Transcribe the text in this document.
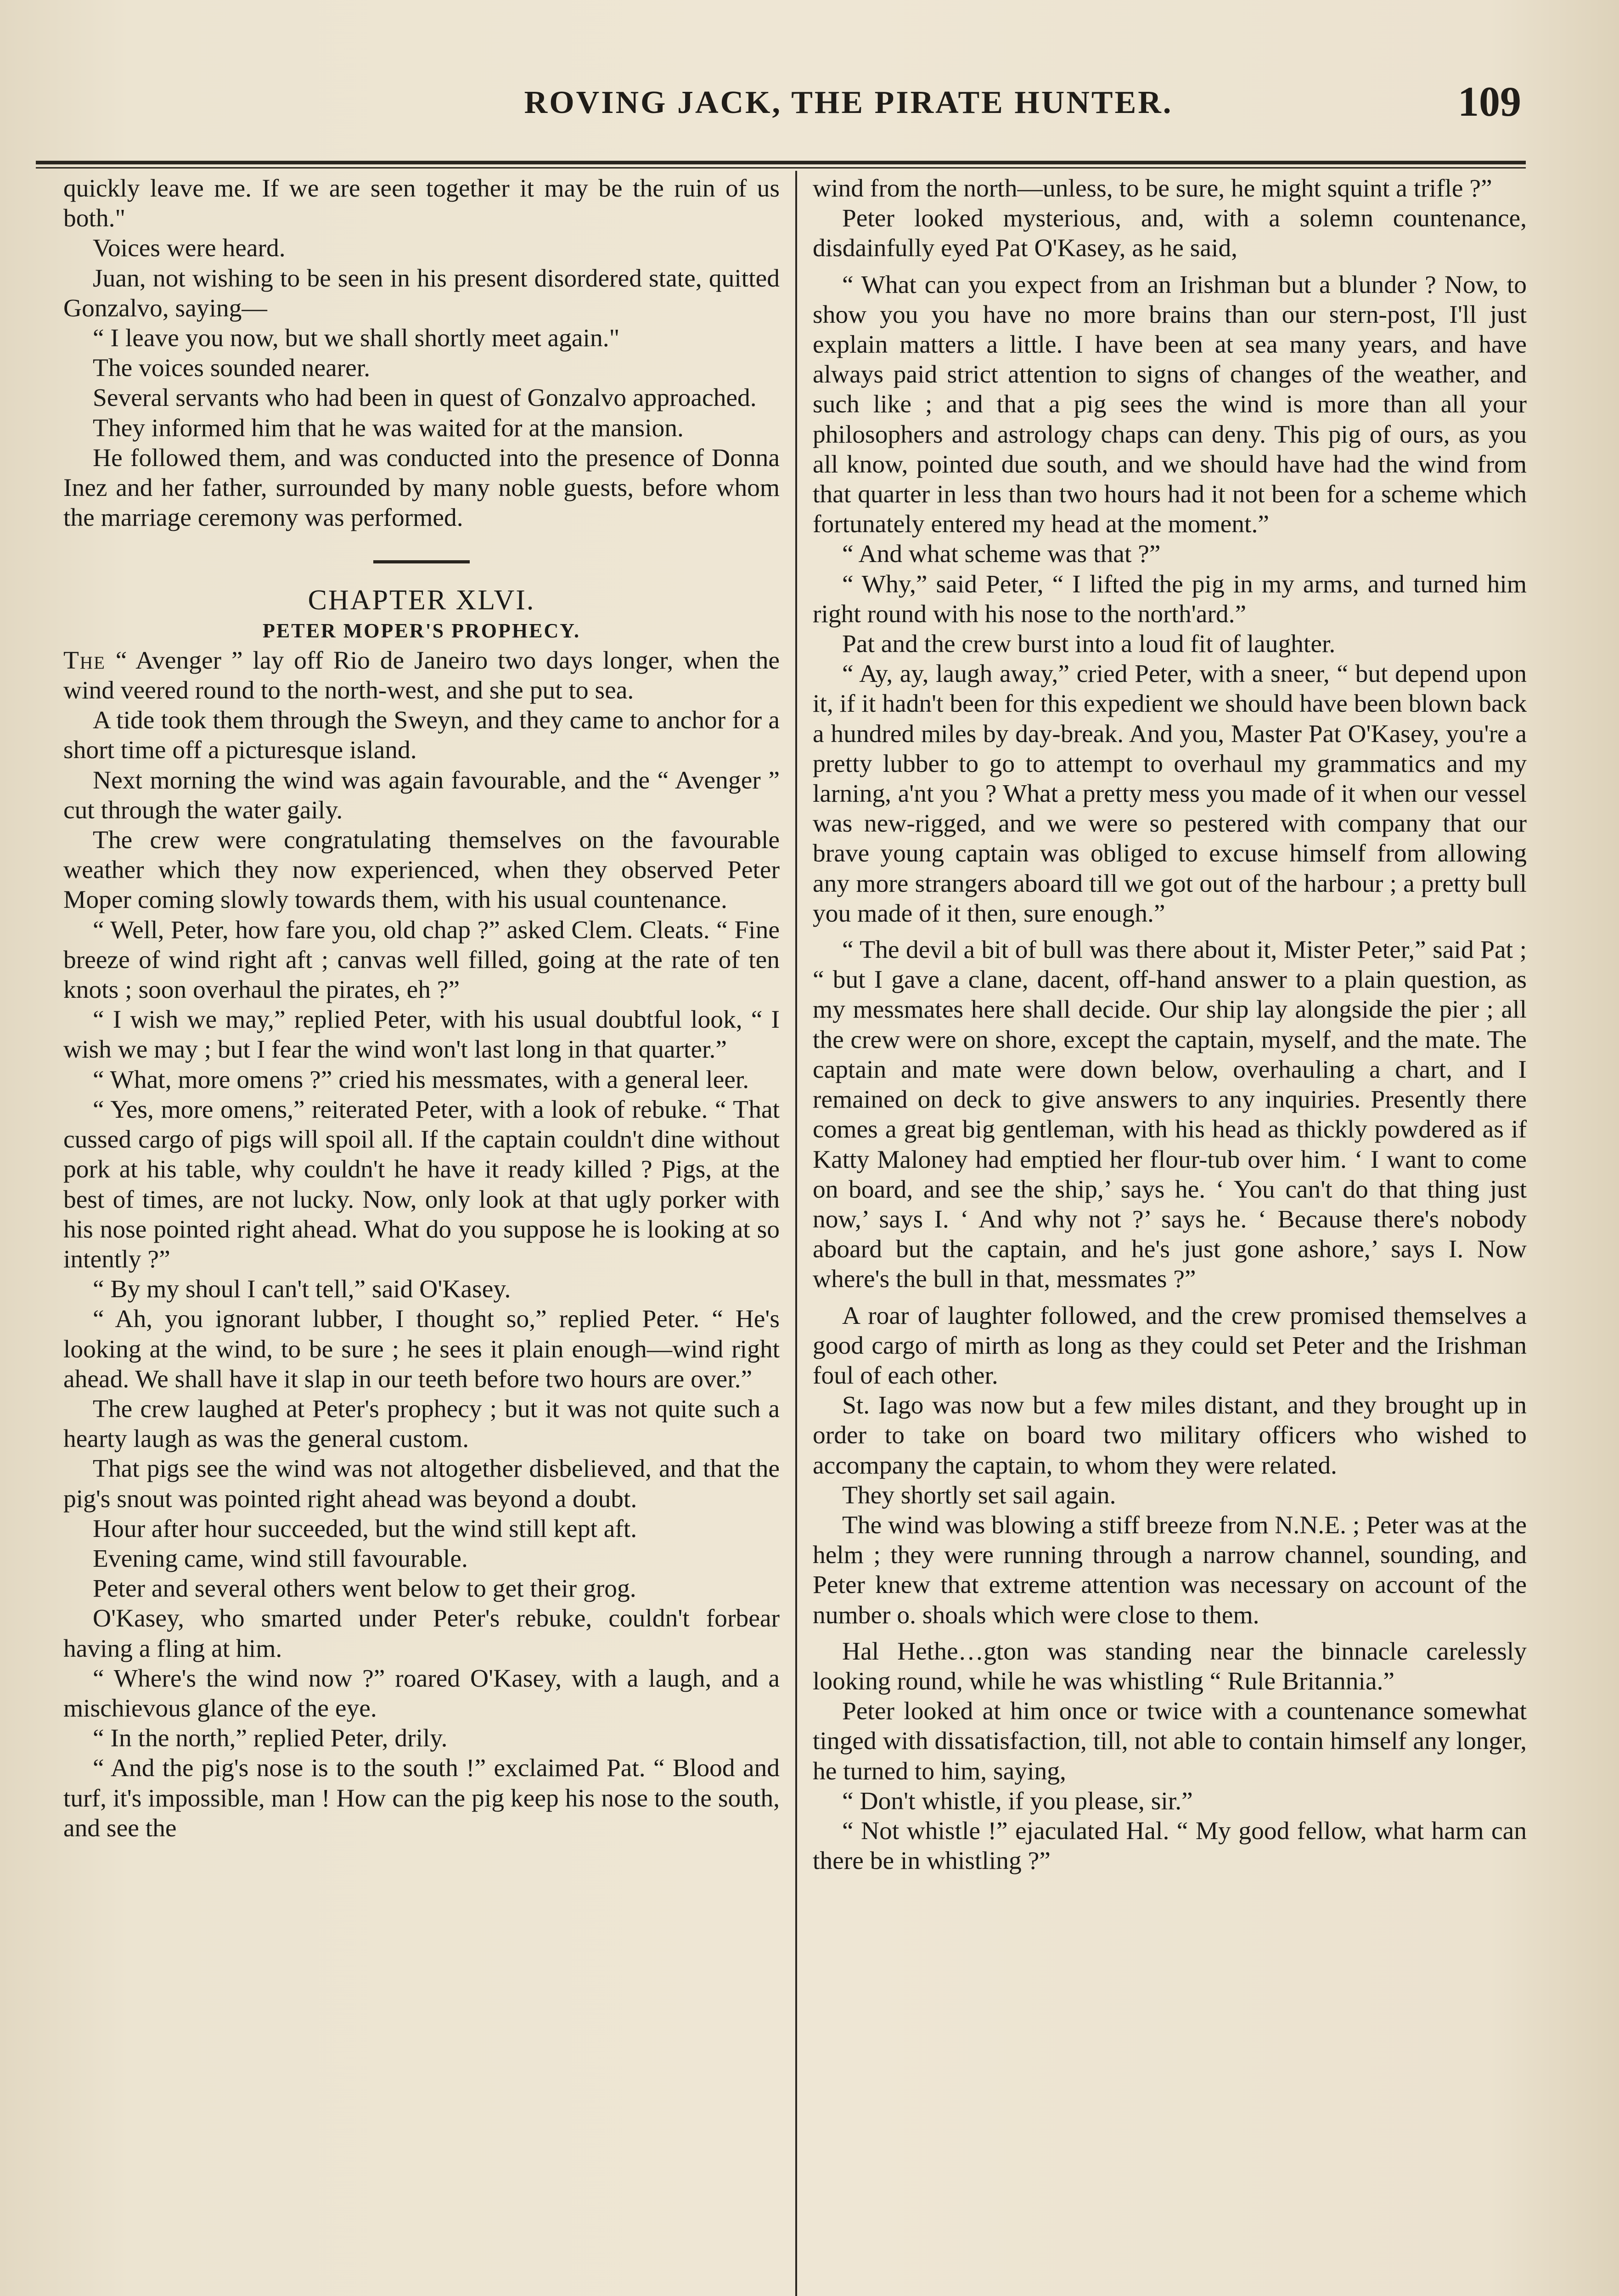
ROVING JACK, THE PIRATE HUNTER.	109

quickly leave me. If we are seen together it may be the ruin of us both."

Voices were heard.

Juan, not wishing to be seen in his present disordered state, quitted Gonzalvo, saying—

“ I leave you now, but we shall shortly meet again."

The voices sounded nearer.

Several servants who had been in quest of Gonzalvo approached.

They informed him that he was waited for at the mansion.

He followed them, and was conducted into the presence of Donna Inez and her father, surrounded by many noble guests, before whom the marriage ceremony was performed.

CHAPTER XLVI.

PETER MOPER'S PROPHECY.

The “ Avenger ” lay off Rio de Janeiro two days longer, when the wind veered round to the north-west, and she put to sea.

A tide took them through the Sweyn, and they came to anchor for a short time off a picturesque island.

Next morning the wind was again favourable, and the “ Avenger ” cut through the water gaily.

The crew were congratulating themselves on the favourable weather which they now experienced, when they observed Peter Moper coming slowly towards them, with his usual countenance.

“ Well, Peter, how fare you, old chap ?” asked Clem. Cleats. “ Fine breeze of wind right aft ; canvas well filled, going at the rate of ten knots ; soon overhaul the pirates, eh ?”

“ I wish we may,” replied Peter, with his usual doubtful look, “ I wish we may ; but I fear the wind won't last long in that quarter.”

“ What, more omens ?” cried his messmates, with a general leer.

“ Yes, more omens,” reiterated Peter, with a look of rebuke. “ That cussed cargo of pigs will spoil all. If the captain couldn't dine without pork at his table, why couldn't he have it ready killed ? Pigs, at the best of times, are not lucky. Now, only look at that ugly porker with his nose pointed right ahead. What do you suppose he is looking at so intently ?”

“ By my shoul I can't tell,” said O'Kasey.

“ Ah, you ignorant lubber, I thought so,” replied Peter. “ He's looking at the wind, to be sure ; he sees it plain enough—wind right ahead. We shall have it slap in our teeth before two hours are over.”

The crew laughed at Peter's prophecy ; but it was not quite such a hearty laugh as was the general custom.

That pigs see the wind was not altogether disbelieved, and that the pig's snout was pointed right ahead was beyond a doubt.

Hour after hour succeeded, but the wind still kept aft.

Evening came, wind still favourable.

Peter and several others went below to get their grog.

O'Kasey, who smarted under Peter's rebuke, couldn't forbear having a fling at him.

“ Where's the wind now ?” roared O'Kasey, with a laugh, and a mischievous glance of the eye.

“ In the north,” replied Peter, drily.

“ And the pig's nose is to the south !” exclaimed Pat. “ Blood and turf, it's impossible, man ! How can the pig keep his nose to the south, and see the

wind from the north—unless, to be sure, he might squint a trifle ?”

Peter looked mysterious, and, with a solemn countenance, disdainfully eyed Pat O'Kasey, as he said,

“ What can you expect from an Irishman but a blunder ? Now, to show you you have no more brains than our stern-post, I'll just explain matters a little. I have been at sea many years, and have always paid strict attention to signs of changes of the weather, and such like ; and that a pig sees the wind is more than all your philosophers and astrology chaps can deny. This pig of ours, as you all know, pointed due south, and we should have had the wind from that quarter in less than two hours had it not been for a scheme which fortunately entered my head at the moment.”

“ And what scheme was that ?”

“ Why,” said Peter, “ I lifted the pig in my arms, and turned him right round with his nose to the north'ard.”

Pat and the crew burst into a loud fit of laughter.

“ Ay, ay, laugh away,” cried Peter, with a sneer, “ but depend upon it, if it hadn't been for this expedient we should have been blown back a hundred miles by day-break. And you, Master Pat O'Kasey, you're a pretty lubber to go to attempt to overhaul my grammatics and my larning, a'nt you ? What a pretty mess you made of it when our vessel was new-rigged, and we were so pestered with company that our brave young captain was obliged to excuse himself from allowing any more strangers aboard till we got out of the harbour ; a pretty bull you made of it then, sure enough.”

“ The devil a bit of bull was there about it, Mister Peter,” said Pat ; “ but I gave a clane, dacent, off-hand answer to a plain question, as my messmates here shall decide. Our ship lay alongside the pier ; all the crew were on shore, except the captain, myself, and the mate. The captain and mate were down below, overhauling a chart, and I remained on deck to give answers to any inquiries. Presently there comes a great big gentleman, with his head as thickly powdered as if Katty Maloney had emptied her flour-tub over him. ‘ I want to come on board, and see the ship,’ says he. ‘ You can't do that thing just now,’ says I. ‘ And why not ?’ says he. ‘ Because there's nobody aboard but the captain, and he's just gone ashore,’ says I. Now where's the bull in that, messmates ?”

A roar of laughter followed, and the crew promised themselves a good cargo of mirth as long as they could set Peter and the Irishman foul of each other.

St. Iago was now but a few miles distant, and they brought up in order to take on board two military officers who wished to accompany the captain, to whom they were related.

They shortly set sail again.

The wind was blowing a stiff breeze from N.N.E. ; Peter was at the helm ; they were running through a narrow channel, sounding, and Peter knew that extreme attention was necessary on account of the number o. shoals which were close to them.

Hal Hethe…gton was standing near the binnacle carelessly looking round, while he was whistling “ Rule Britannia.”

Peter looked at him once or twice with a countenance somewhat tinged with dissatisfaction, till, not able to contain himself any longer, he turned to him, saying,

“ Don't whistle, if you please, sir.”

“ Not whistle !” ejaculated Hal. “ My good fellow, what harm can there be in whistling ?”
